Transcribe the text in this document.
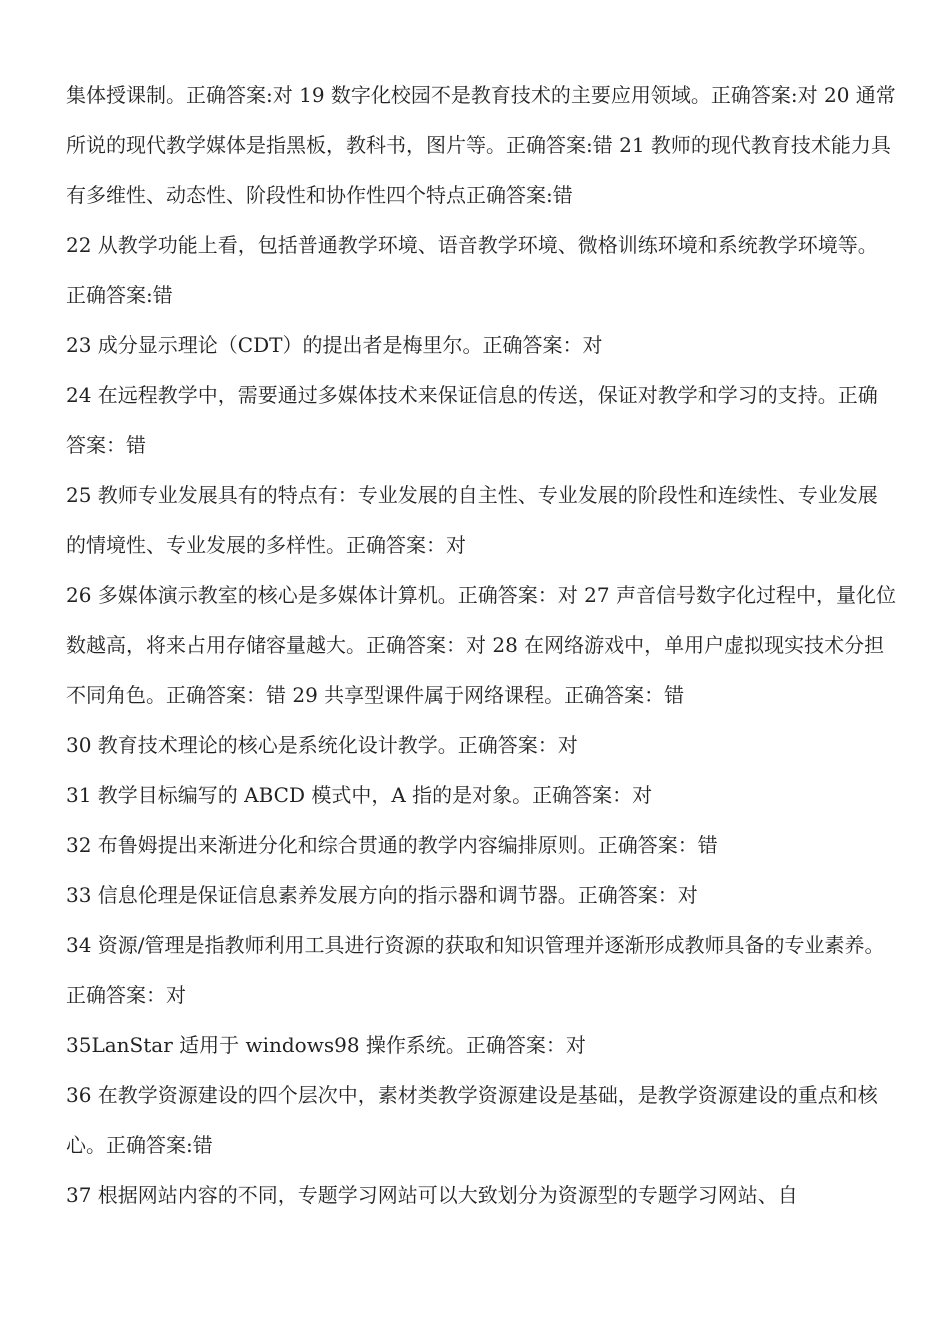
集体授课制。正确答案:对 19 数字化校园不是教育技术的主要应用领域。正确答案:对 20 通常所说的现代教学媒体是指黑板，教科书，图片等。正确答案:错 21 教师的现代教育技术能力具有多维性、动态性、阶段性和协作性四个特点正确答案:错

22 从教学功能上看，包括普通教学环境、语音教学环境、微格训练环境和系统教学环境等。正确答案:错

23 成分显示理论（CDT）的提出者是梅里尔。正确答案：对

24 在远程教学中，需要通过多媒体技术来保证信息的传送，保证对教学和学习的支持。正确答案：错

25 教师专业发展具有的特点有：专业发展的自主性、专业发展的阶段性和连续性、专业发展的情境性、专业发展的多样性。正确答案：对

26 多媒体演示教室的核心是多媒体计算机。正确答案：对 27 声音信号数字化过程中，量化位数越高，将来占用存储容量越大。正确答案：对 28 在网络游戏中，单用户虚拟现实技术分担不同角色。正确答案：错 29 共享型课件属于网络课程。正确答案：错

30 教育技术理论的核心是系统化设计教学。正确答案：对

31 教学目标编写的 ABCD 模式中，A 指的是对象。正确答案：对

32 布鲁姆提出来渐进分化和综合贯通的教学内容编排原则。正确答案：错

33 信息伦理是保证信息素养发展方向的指示器和调节器。正确答案：对

34 资源/管理是指教师利用工具进行资源的获取和知识管理并逐渐形成教师具备的专业素养。正确答案：对

35LanStar 适用于 windows98 操作系统。正确答案：对

36 在教学资源建设的四个层次中，素材类教学资源建设是基础，是教学资源建设的重点和核心。正确答案:错

37 根据网站内容的不同，专题学习网站可以大致划分为资源型的专题学习网站、自
